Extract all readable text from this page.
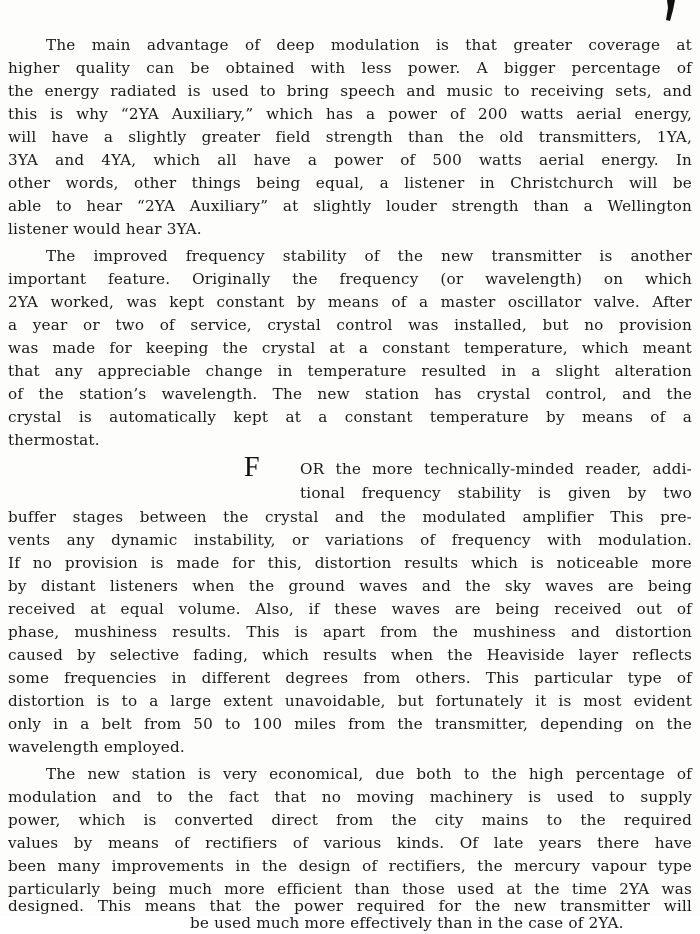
The main advantage of deep modulation is that greater coverage at
higher quality can be obtained with less power. A bigger percentage of
the energy radiated is used to bring speech and music to receiving sets, and
this is why “2YA Auxiliary,” which has a power of 200 watts aerial energy,
will have a slightly greater field strength than the old transmitters, 1YA,
3YA and 4YA, which all have a power of 500 watts aerial energy. In
other words, other things being equal, a listener in Christchurch will be
able to hear “2YA Auxiliary” at slightly louder strength than a Wellington
listener would hear 3YA.
The improved frequency stability of the new transmitter is another
important feature. Originally the frequency (or wavelength) on which
2YA worked, was kept constant by means of a master oscillator valve. After
a year or two of service, crystal control was installed, but no provision
was made for keeping the crystal at a constant temperature, which meant
that any appreciable change in temperature resulted in a slight alteration
of the station’s wavelength. The new station has crystal control, and the
crystal is automatically kept at a constant temperature by means of a
thermostat.
F	OR the more technically-minded reader, addi-
tional frequency stability is given by two
buffer stages between the crystal and the modulated amplifier This pre-
vents any dynamic instability, or variations of frequency with modulation.
If no provision is made for this, distortion results which is noticeable more
by distant listeners when the ground waves and the sky waves are being
received at equal volume. Also, if these waves are being received out of
phase, mushiness results. This is apart from the mushiness and distortion
caused by selective fading, which results when the Heaviside layer reflects
some frequencies in different degrees from others. This particular type of
distortion is to a large extent unavoidable, but fortunately it is most evident
only in a belt from 50 to 100 miles from the transmitter, depending on the
wavelength employed.
The new station is very economical, due both to the high percentage of
modulation and to the fact that no moving machinery is used to supply
power, which is converted direct from the city mains to the required
values by means of rectifiers of various kinds. Of late years there have
been many improvements in the design of rectifiers, the mercury vapour type
particularly being much more efficient than those used at the time 2YA was
designed. This means that the power required for the new transmitter will
be used much more effectively than in the case of 2YA.
